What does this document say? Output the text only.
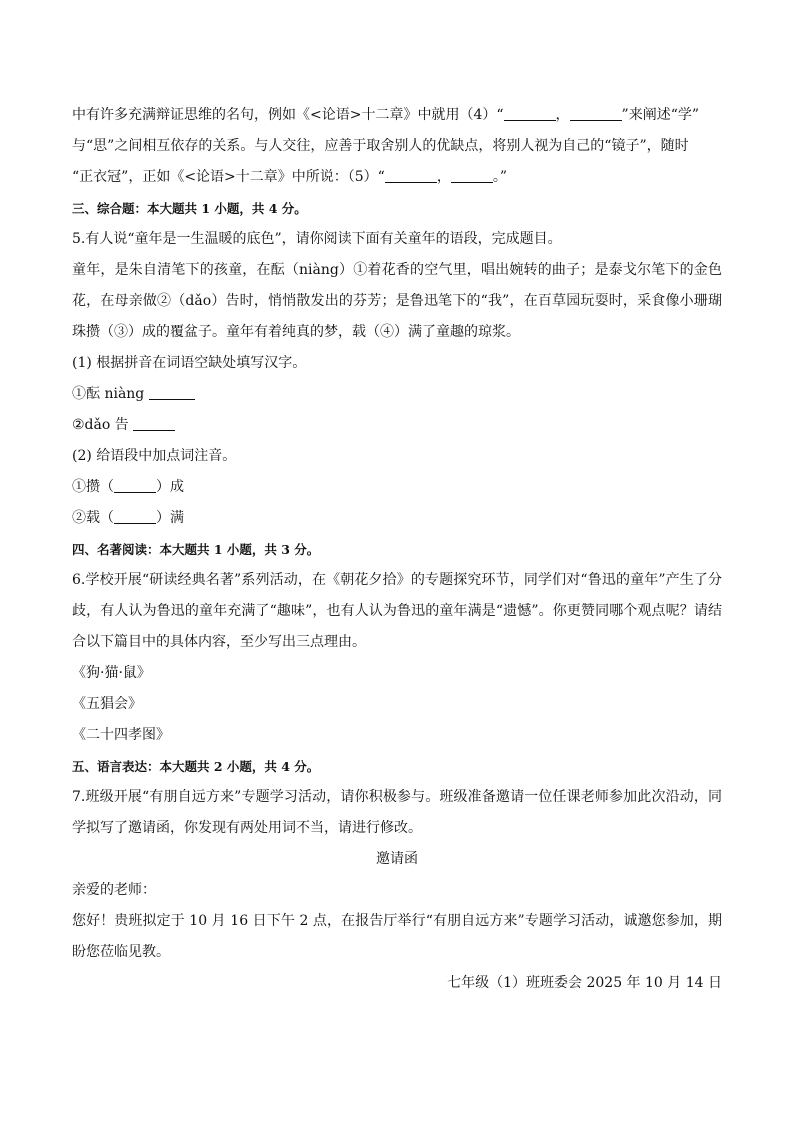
中有许多充满辩证思维的名句，例如《<论语>十二章》中就用（4）“	，	”来阐述“学”

与“思”之间相互依存的关系。与人交往，应善于取舍别人的优缺点，将别人视为自己的“镜子”，随时

“正衣冠”，正如《<论语>十二章》中所说：（5）“	，	。”

三、综合题：本大题共 1 小题，共 4 分。

5.有人说“童年是一生温暖的底色”，请你阅读下面有关童年的语段，完成题目。

童年，是朱自清笔下的孩童，在酝（niàng）①着花香的空气里，唱出婉转的曲子；是泰戈尔笔下的金色花，在母亲做②（dǎo）告时，悄悄散发出的芬芳；是鲁迅笔下的“我”，在百草园玩耍时，采食像小珊瑚珠攒（③）成的覆盆子。童年有着纯真的梦，载（④）满了童趣的琼浆。

(1) 根据拼音在词语空缺处填写汉字。

①酝 niàng

②dǎo 告

(2) 给语段中加点词注音。

①攒（	）成

②载（	）满

四、名著阅读：本大题共 1 小题，共 3 分。

6.学校开展“研读经典名著”系列活动，在《朝花夕拾》的专题探究环节，同学们对“鲁迅的童年”产生了分歧，有人认为鲁迅的童年充满了“趣味”，也有人认为鲁迅的童年满是“遗憾”。你更赞同哪个观点呢？请结合以下篇目中的具体内容，至少写出三点理由。

《狗·猫·鼠》

《五猖会》

《二十四孝图》

五、语言表达：本大题共 2 小题，共 4 分。

7.班级开展“有朋自远方来”专题学习活动，请你积极参与。班级准备邀请一位任课老师参加此次沿动，同学拟写了邀请函，你发现有两处用词不当，请进行修改。

邀请函

亲爱的老师：

您好！贵班拟定于 10 月 16 日下午 2 点，在报告厅举行“有朋自远方来”专题学习活动，诚邀您参加，期盼您莅临见教。

七年级（1）班班委会 2025 年 10 月 14 日
